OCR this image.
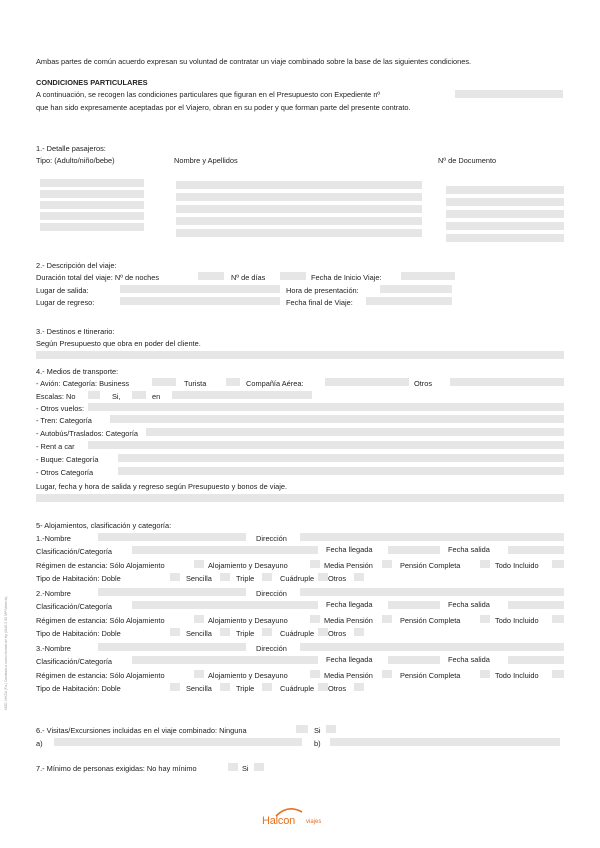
Ambas partes de común acuerdo expresan su voluntad de contratar un viaje combinado sobre la base de las siguientes condiciones.
CONDICIONES PARTICULARES
A continuación, se recogen las condiciones particulares que figuran en el Presupuesto con Expediente nº
que han sido expresamente aceptadas por el Viajero, obran en su poder y que forman parte del presente contrato.
1.- Detalle pasajeros:
Tipo: (Adulto/niño/bebe)	Nombre y Apellidos	Nº de Documento
2.- Descripción del viaje:
Duración total del viaje: Nº de noches	Nº de días	Fecha de Inicio Viaje:
Lugar de salida:	Hora de presentación:
Lugar de regreso:	Fecha final de Viaje:
3.- Destinos e Itinerario:
Según Presupuesto que obra en poder del cliente.
4.- Medios de transporte:
- Avión: Categoría: Business	Turista	Compañía Aérea:	Otros
Escalas: No	Si,	en
- Otros vuelos:
- Tren: Categoría
- Autobús/Traslados: Categoría
- Rent a car
- Buque: Categoría
- Otros Categoría
Lugar, fecha y hora de salida y regreso según Presupuesto y bonos de viaje.
5- Alojamientos, clasificación y categoría:
1.-Nombre	Dirección
Clasificación/Categoría	Fecha llegada	Fecha salida
Régimen de estancia: Sólo Alojamiento	Alojamiento y Desayuno	Media Pensión	Pensión Completa	Todo Incluido
Tipo de Habitación: Doble	Sencilla	Triple	Cuádruple Otros
2.-Nombre	Dirección
Clasificación/Categoría	Fecha llegada	Fecha salida
Régimen de estancia: Sólo Alojamiento	Alojamiento y Desayuno	Media Pensión	Pensión Completa	Todo Incluido
Tipo de Habitación: Doble	Sencilla	Triple	Cuádruple Otros
3.-Nombre	Dirección
Clasificación/Categoría	Fecha llegada	Fecha salida
Régimen de estancia: Sólo Alojamiento	Alojamiento y Desayuno	Media Pensión	Pensión Completa	Todo Incluido
Tipo de Habitación: Doble	Sencilla	Triple	Cuádruple Otros
6.- Visitas/Excursiones incluidas en el viaje combinado: Ninguna	Si
a)	b)
7.- Mínimo de personas exigidas: No hay mínimo	Si
MOD. MHZ/A (F.a.) Cambiado a nuevo formato de ley (VAI/2.3 IDI 3/IP/Valencia)
Halcon viajes
